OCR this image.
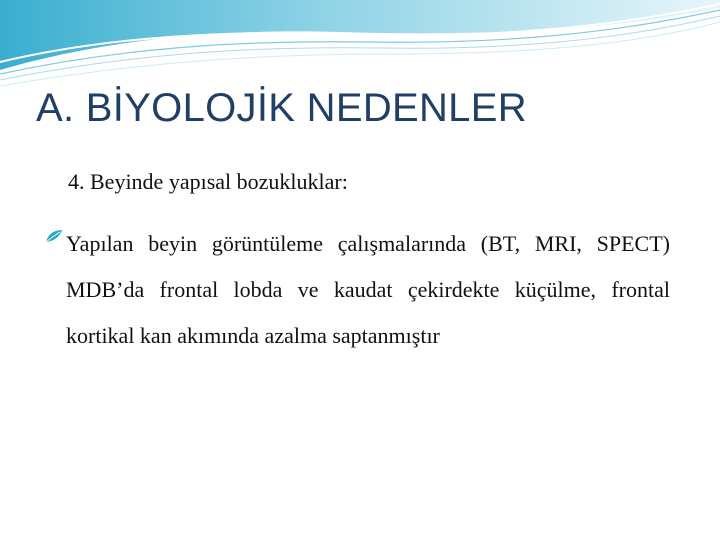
A. BİYOLOJİK NEDENLER
4. Beyinde yapısal bozukluklar:

Yapılan beyin görüntüleme çalışmalarında (BT, MRI, SPECT) MDB’da frontal lobda ve kaudat çekirdekte küçülme, frontal kortikal kan akımında azalma saptanmıştır
